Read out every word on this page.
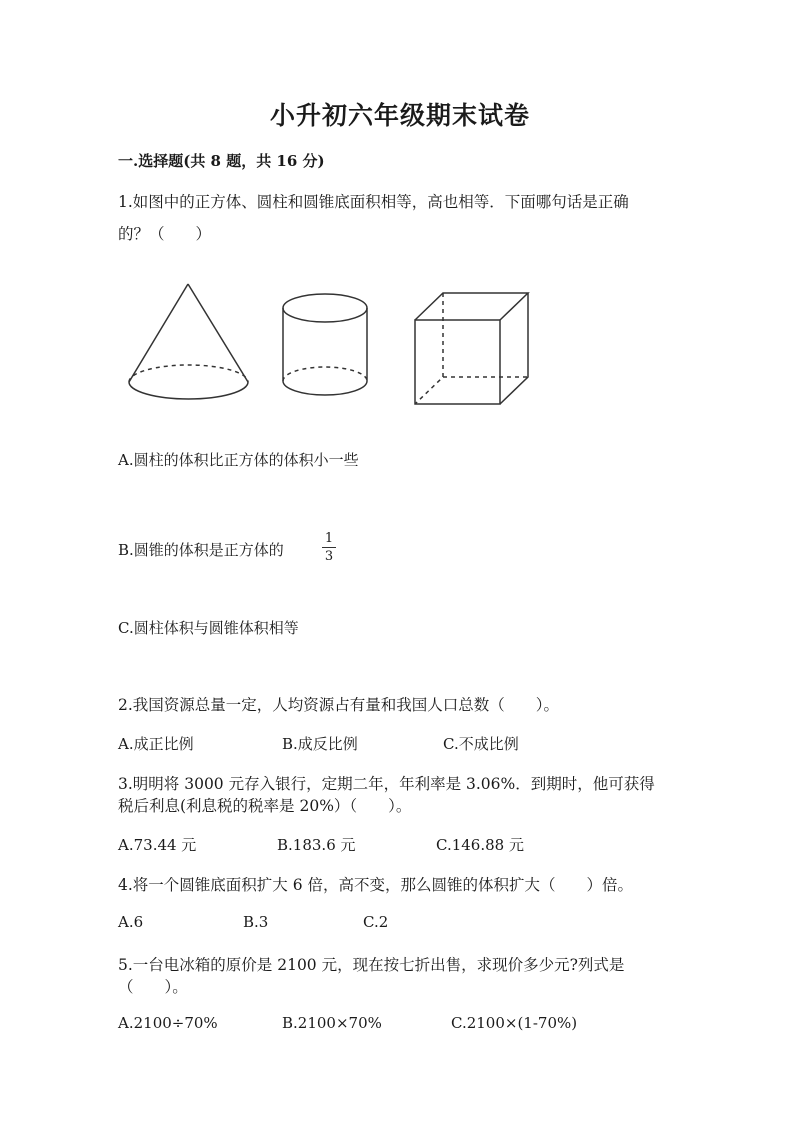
小升初六年级期末试卷
一.选择题(共 8 题，共 16 分)
1.如图中的正方体、圆柱和圆锥底面积相等，高也相等．下面哪句话是正确
的？（　　）
A.圆柱的体积比正方体的体积小一些
B.圆锥的体积是正方体的
1
3
C.圆柱体积与圆锥体积相等
2.我国资源总量一定，人均资源占有量和我国人口总数（　　）。
A.成正比例	B.成反比例	C.不成比例
3.明明将 3000 元存入银行，定期二年，年利率是 3.06%．到期时，他可获得
税后利息(利息税的税率是 20%）（　　）。
A.73.44 元	B.183.6 元	C.146.88 元
4.将一个圆锥底面积扩大 6 倍，高不变，那么圆锥的体积扩大（　　）倍。
A.6	B.3	C.2
5.一台电冰箱的原价是 2100 元，现在按七折出售，求现价多少元?列式是
（　　）。
A.2100÷70%	B.2100×70%	C.2100×(1-70%)
